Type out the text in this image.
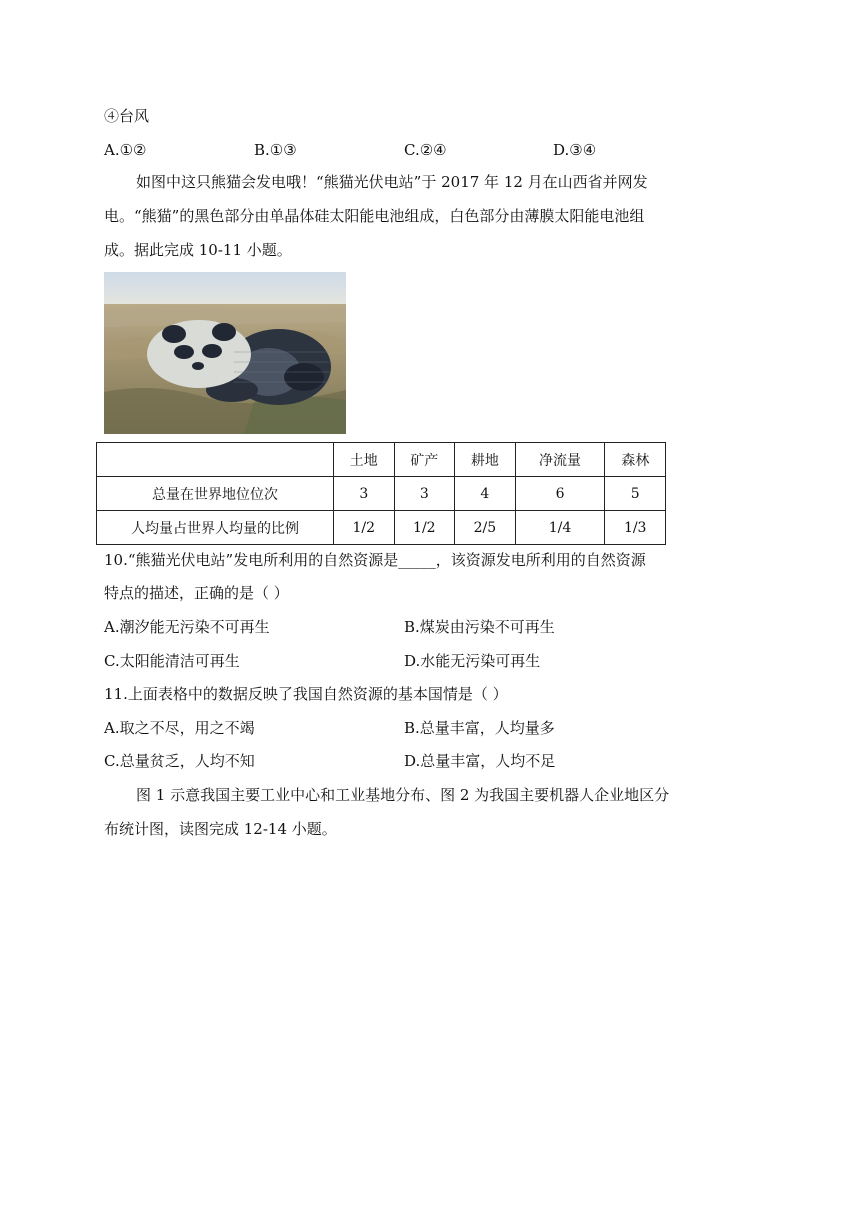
④台风
A.①②	B.①③	C.②④	D.③④
如图中这只熊猫会发电哦！“熊猫光伏电站”于 2017 年 12 月在山西省并网发
电。“熊猫”的黑色部分由单晶体硅太阳能电池组成，白色部分由薄膜太阳能电池组
成。据此完成 10-11 小题。
	土地	矿产	耕地	净流量	森林
总量在世界地位位次	3	3	4	6	5
人均量占世界人均量的比例	1/2	1/2	2/5	1/4	1/3
10.“熊猫光伏电站”发电所利用的自然资源是_____，该资源发电所利用的自然资源
特点的描述，正确的是（ ）
A.潮汐能无污染不可再生	B.煤炭由污染不可再生
C.太阳能清洁可再生	D.水能无污染可再生
11.上面表格中的数据反映了我国自然资源的基本国情是（ ）
A.取之不尽，用之不竭	B.总量丰富，人均量多
C.总量贫乏，人均不知	D.总量丰富，人均不足
图 1 示意我国主要工业中心和工业基地分布、图 2 为我国主要机器人企业地区分
布统计图，读图完成 12-14 小题。
